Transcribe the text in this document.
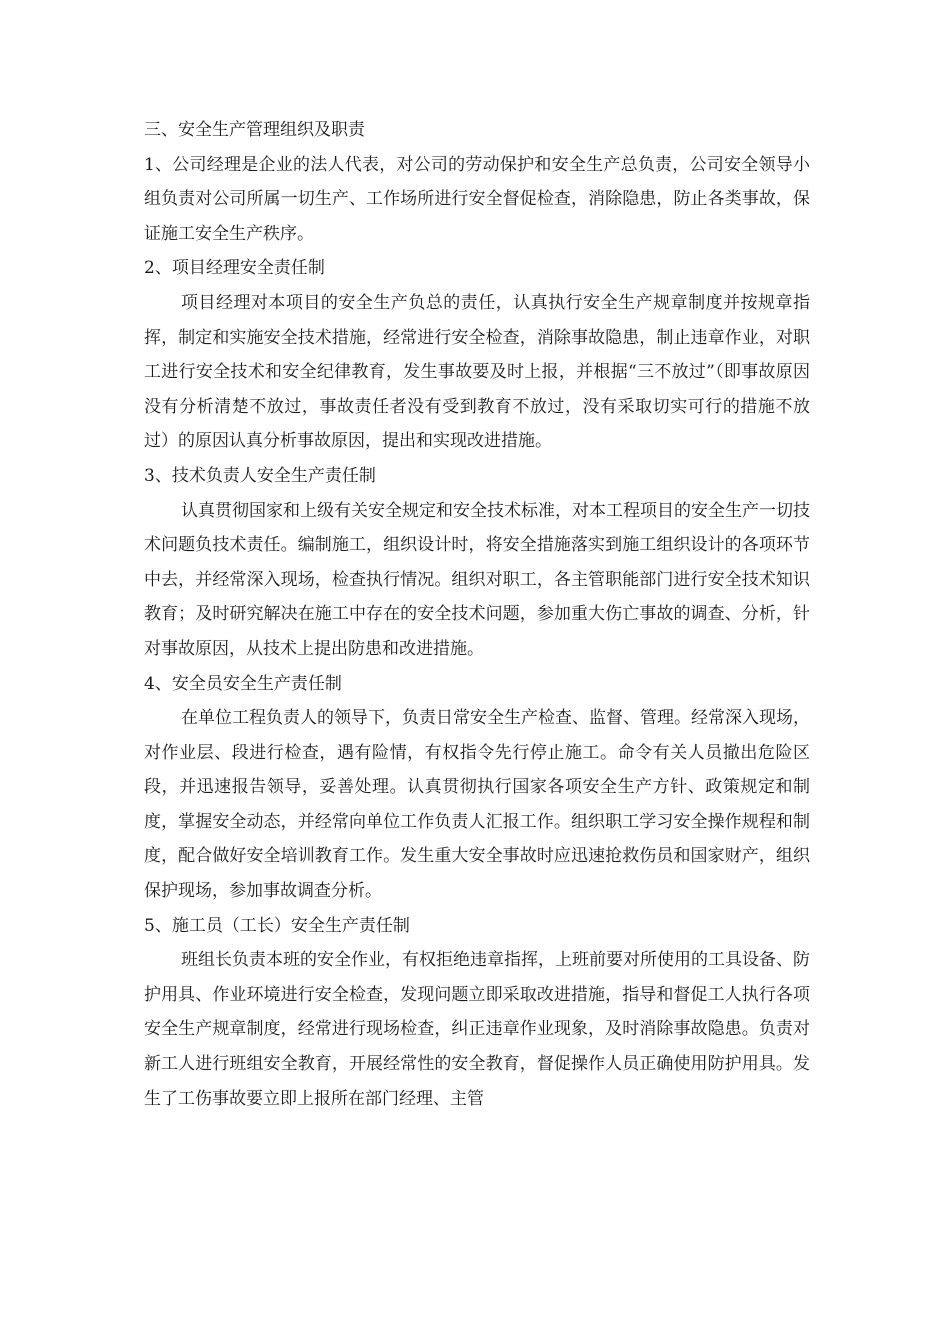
三、安全生产管理组织及职责

1、公司经理是企业的法人代表，对公司的劳动保护和安全生产总负责，公司安全领导小组负责对公司所属一切生产、工作场所进行安全督促检查，消除隐患，防止各类事故，保证施工安全生产秩序。

2、项目经理安全责任制

项目经理对本项目的安全生产负总的责任，认真执行安全生产规章制度并按规章指挥，制定和实施安全技术措施，经常进行安全检查，消除事故隐患，制止违章作业，对职工进行安全技术和安全纪律教育，发生事故要及时上报，并根据“三不放过”（即事故原因没有分析清楚不放过，事故责任者没有受到教育不放过，没有采取切实可行的措施不放过）的原因认真分析事故原因，提出和实现改进措施。

3、技术负责人安全生产责任制

认真贯彻国家和上级有关安全规定和安全技术标准，对本工程项目的安全生产一切技术问题负技术责任。编制施工，组织设计时，将安全措施落实到施工组织设计的各项环节中去，并经常深入现场，检查执行情况。组织对职工，各主管职能部门进行安全技术知识教育；及时研究解决在施工中存在的安全技术问题，参加重大伤亡事故的调查、分析，针对事故原因，从技术上提出防患和改进措施。

4、安全员安全生产责任制

在单位工程负责人的领导下，负责日常安全生产检查、监督、管理。经常深入现场，对作业层、段进行检查，遇有险情，有权指令先行停止施工。命令有关人员撤出危险区段，并迅速报告领导，妥善处理。认真贯彻执行国家各项安全生产方针、政策规定和制度，掌握安全动态，并经常向单位工作负责人汇报工作。组织职工学习安全操作规程和制度，配合做好安全培训教育工作。发生重大安全事故时应迅速抢救伤员和国家财产，组织保护现场，参加事故调查分析。

5、施工员（工长）安全生产责任制

班组长负责本班的安全作业，有权拒绝违章指挥，上班前要对所使用的工具设备、防护用具、作业环境进行安全检查，发现问题立即采取改进措施，指导和督促工人执行各项安全生产规章制度，经常进行现场检查，纠正违章作业现象，及时消除事故隐患。负责对新工人进行班组安全教育，开展经常性的安全教育，督促操作人员正确使用防护用具。发生了工伤事故要立即上报所在部门经理、主管
